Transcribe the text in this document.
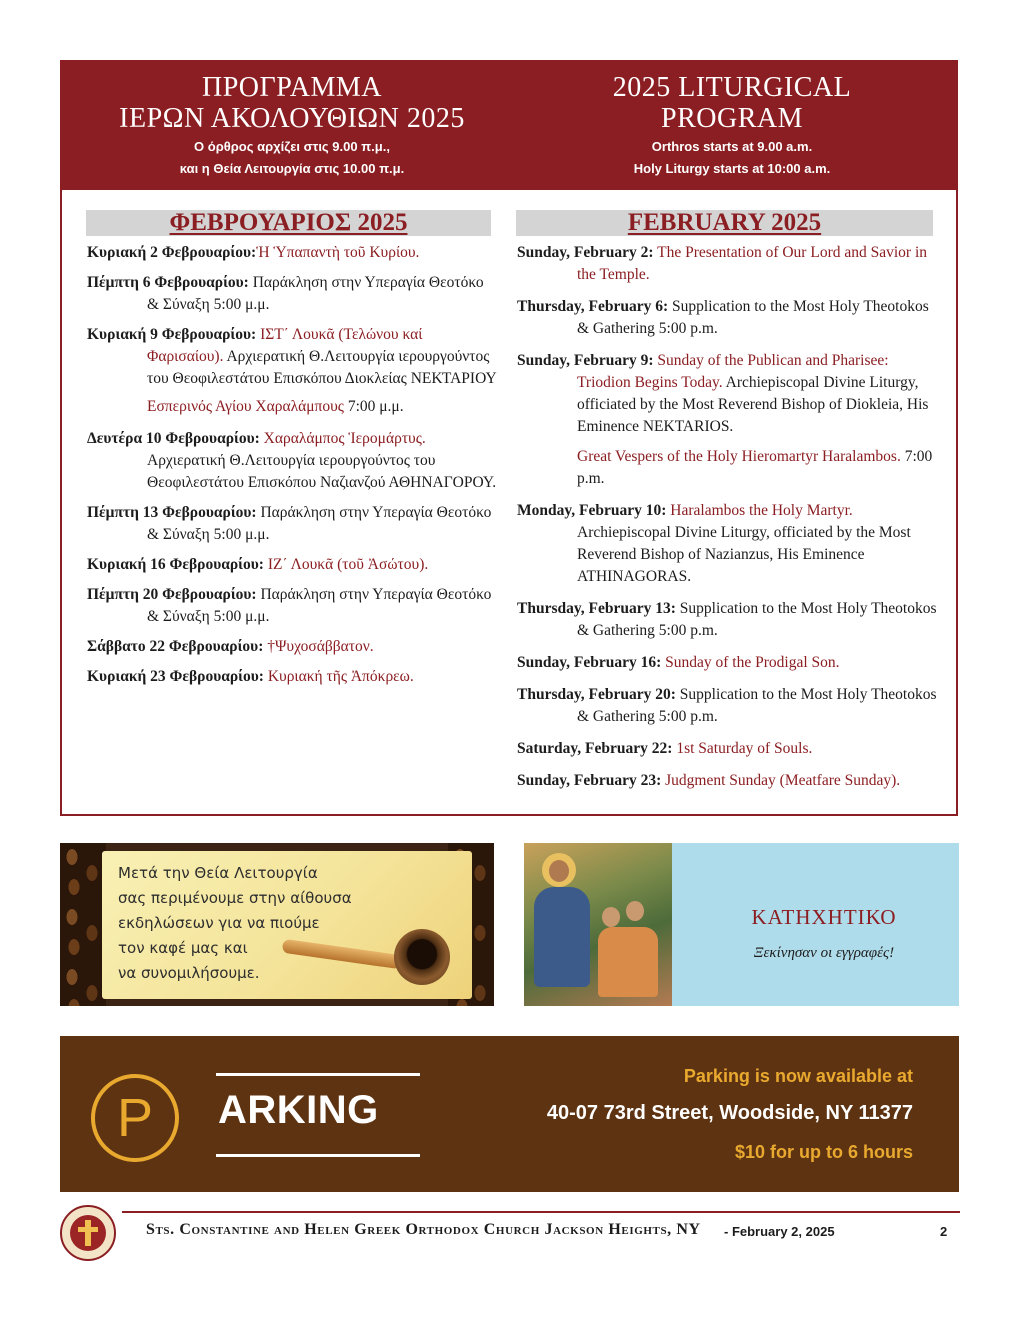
ΠΡΟΓΡΑΜΜΑ
ΙΕΡΩΝ ΑΚΟΛΟΥΘΙΩΝ 2025
Ο όρθρος αρχίζει στις 9.00 π.μ.,
και η Θεία Λειτουργία στις 10.00 π.μ.
2025 LITURGICAL
PROGRAM
Orthros starts at 9.00 a.m.
Holy Liturgy starts at 10:00 a.m.
ΦΕΒΡΟΥΑΡΙΟΣ 2025	FEBRUARY 2025
Κυριακή 2 Φεβρουαρίου:Ἡ Ὑπαπαντὴ τοῦ Κυρίου.
Πέμπτη 6 Φεβρουαρίου: Παράκληση στην Υπεραγία Θεοτόκο & Σύναξη 5:00 μ.μ.
Κυριακή 9 Φεβρουαρίου: ΙΣΤ΄ Λουκᾶ (Τελώνου καί Φαρισαίου). Αρχιερατική Θ.Λειτουργία ιερουργούντος του Θεοφιλεστάτου Επισκόπου Διοκλείας ΝΕΚΤΑΡΙΟΥ
Εσπερινός Αγίου Χαραλάμπους 7:00 μ.μ.
Δευτέρα 10 Φεβρουαρίου: Χαραλάμπος Ἱερομάρτυς. Αρχιερατική Θ.Λειτουργία ιερουργούντος του Θεοφιλεστάτου Επισκόπου Ναζιανζού ΑΘΗΝΑΓΟΡΟΥ.
Πέμπτη 13 Φεβρουαρίου: Παράκληση στην Υπεραγία Θεοτόκο & Σύναξη 5:00 μ.μ.
Κυριακή 16 Φεβρουαρίου: ΙΖ΄ Λουκᾶ (τοῦ Ἀσώτου).
Πέμπτη 20 Φεβρουαρίου: Παράκληση στην Υπεραγία Θεοτόκο & Σύναξη 5:00 μ.μ.
Σάββατο 22 Φεβρουαρίου: †Ψυχοσάββατον.
Κυριακή 23 Φεβρουαρίου: Κυριακή τῆς Ἀπόκρεω.
Sunday, February 2: The Presentation of Our Lord and Savior in the Temple.
Thursday, February 6: Supplication to the Most Holy Theotokos & Gathering 5:00 p.m.
Sunday, February 9: Sunday of the Publican and Pharisee: Triodion Begins Today. Archiepiscopal Divine Liturgy, officiated by the Most Reverend Bishop of Diokleia, His Eminence NEKTARIOS.
Great Vespers of the Holy Hieromartyr Haralambos. 7:00 p.m.
Monday, February 10: Haralambos the Holy Martyr. Archiepiscopal Divine Liturgy, officiated by the Most Reverend Bishop of Nazianzus, His Eminence ATHINAGORAS.
Thursday, February 13: Supplication to the Most Holy Theotokos & Gathering 5:00 p.m.
Sunday, February 16: Sunday of the Prodigal Son.
Thursday, February 20: Supplication to the Most Holy Theotokos & Gathering 5:00 p.m.
Saturday, February 22: 1st Saturday of Souls.
Sunday, February 23: Judgment Sunday (Meatfare Sunday).
Μετά την Θεία Λειτουργία
σας περιμένουμε στην αίθουσα
εκδηλώσεων για να πιούμε
τον καφέ μας και
να συνομιλήσουμε.
ΚΑΤΗΧΗΤΙΚΟ
Ξεκίνησαν οι εγγραφές!
P	ARKING
Parking is now available at
40-07 73rd Street, Woodside, NY 11377
$10 for up to 6 hours
Sts. Constantine and Helen Greek Orthodox Church Jackson Heights, NY - February 2, 2025	2
